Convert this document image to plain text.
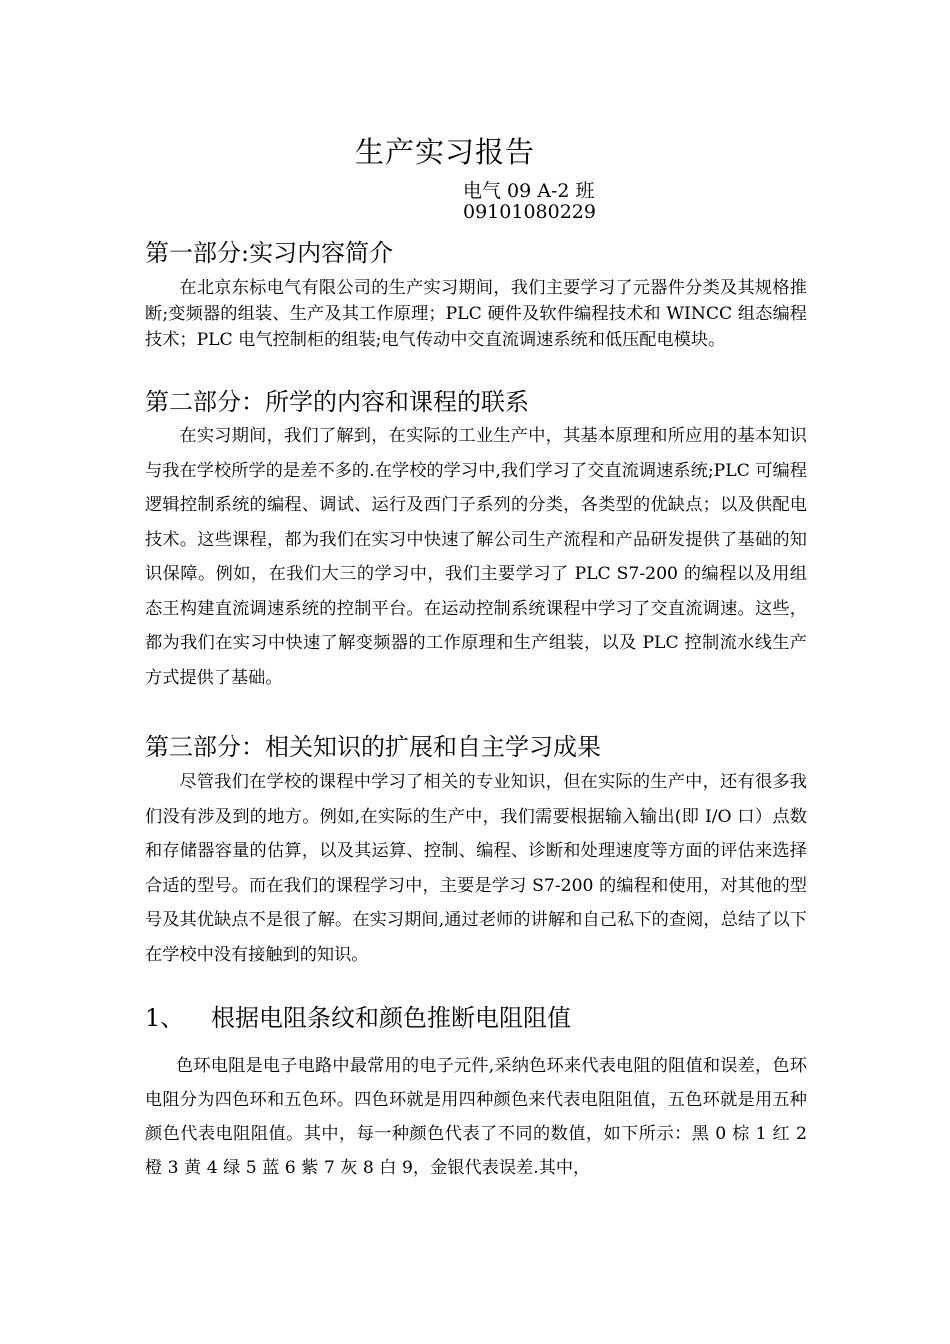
生产实习报告

电气 09 A-2 班

09101080229

第一部分:实习内容简介

在北京东标电气有限公司的生产实习期间，我们主要学习了元器件分类及其规格推断;变频器的组装、生产及其工作原理；PLC 硬件及软件编程技术和 WINCC 组态编程技术；PLC 电气控制柜的组装;电气传动中交直流调速系统和低压配电模块。

第二部分：所学的内容和课程的联系

在实习期间，我们了解到，在实际的工业生产中，其基本原理和所应用的基本知识与我在学校所学的是差不多的.在学校的学习中,我们学习了交直流调速系统;PLC 可编程逻辑控制系统的编程、调试、运行及西门子系列的分类，各类型的优缺点；以及供配电技术。这些课程，都为我们在实习中快速了解公司生产流程和产品研发提供了基础的知识保障。例如，在我们大三的学习中，我们主要学习了 PLC S7-200 的编程以及用组态王构建直流调速系统的控制平台。在运动控制系统课程中学习了交直流调速。这些，都为我们在实习中快速了解变频器的工作原理和生产组装，以及 PLC 控制流水线生产方式提供了基础。

第三部分：相关知识的扩展和自主学习成果

尽管我们在学校的课程中学习了相关的专业知识，但在实际的生产中，还有很多我们没有涉及到的地方。例如,在实际的生产中，我们需要根据输入输出(即 I/O 口）点数和存储器容量的估算，以及其运算、控制、编程、诊断和处理速度等方面的评估来选择合适的型号。而在我们的课程学习中，主要是学习 S7-200 的编程和使用，对其他的型号及其优缺点不是很了解。在实习期间,通过老师的讲解和自己私下的查阅，总结了以下在学校中没有接触到的知识。

1、 根据电阻条纹和颜色推断电阻阻值

色环电阻是电子电路中最常用的电子元件,采纳色环来代表电阻的阻值和误差，色环电阻分为四色环和五色环。四色环就是用四种颜色来代表电阻阻值，五色环就是用五种颜色代表电阻阻值。其中，每一种颜色代表了不同的数值，如下所示：黑 0 棕 1 红 2 橙 3 黄 4 绿 5 蓝 6 紫 7 灰 8 白 9，金银代表误差.其中，
